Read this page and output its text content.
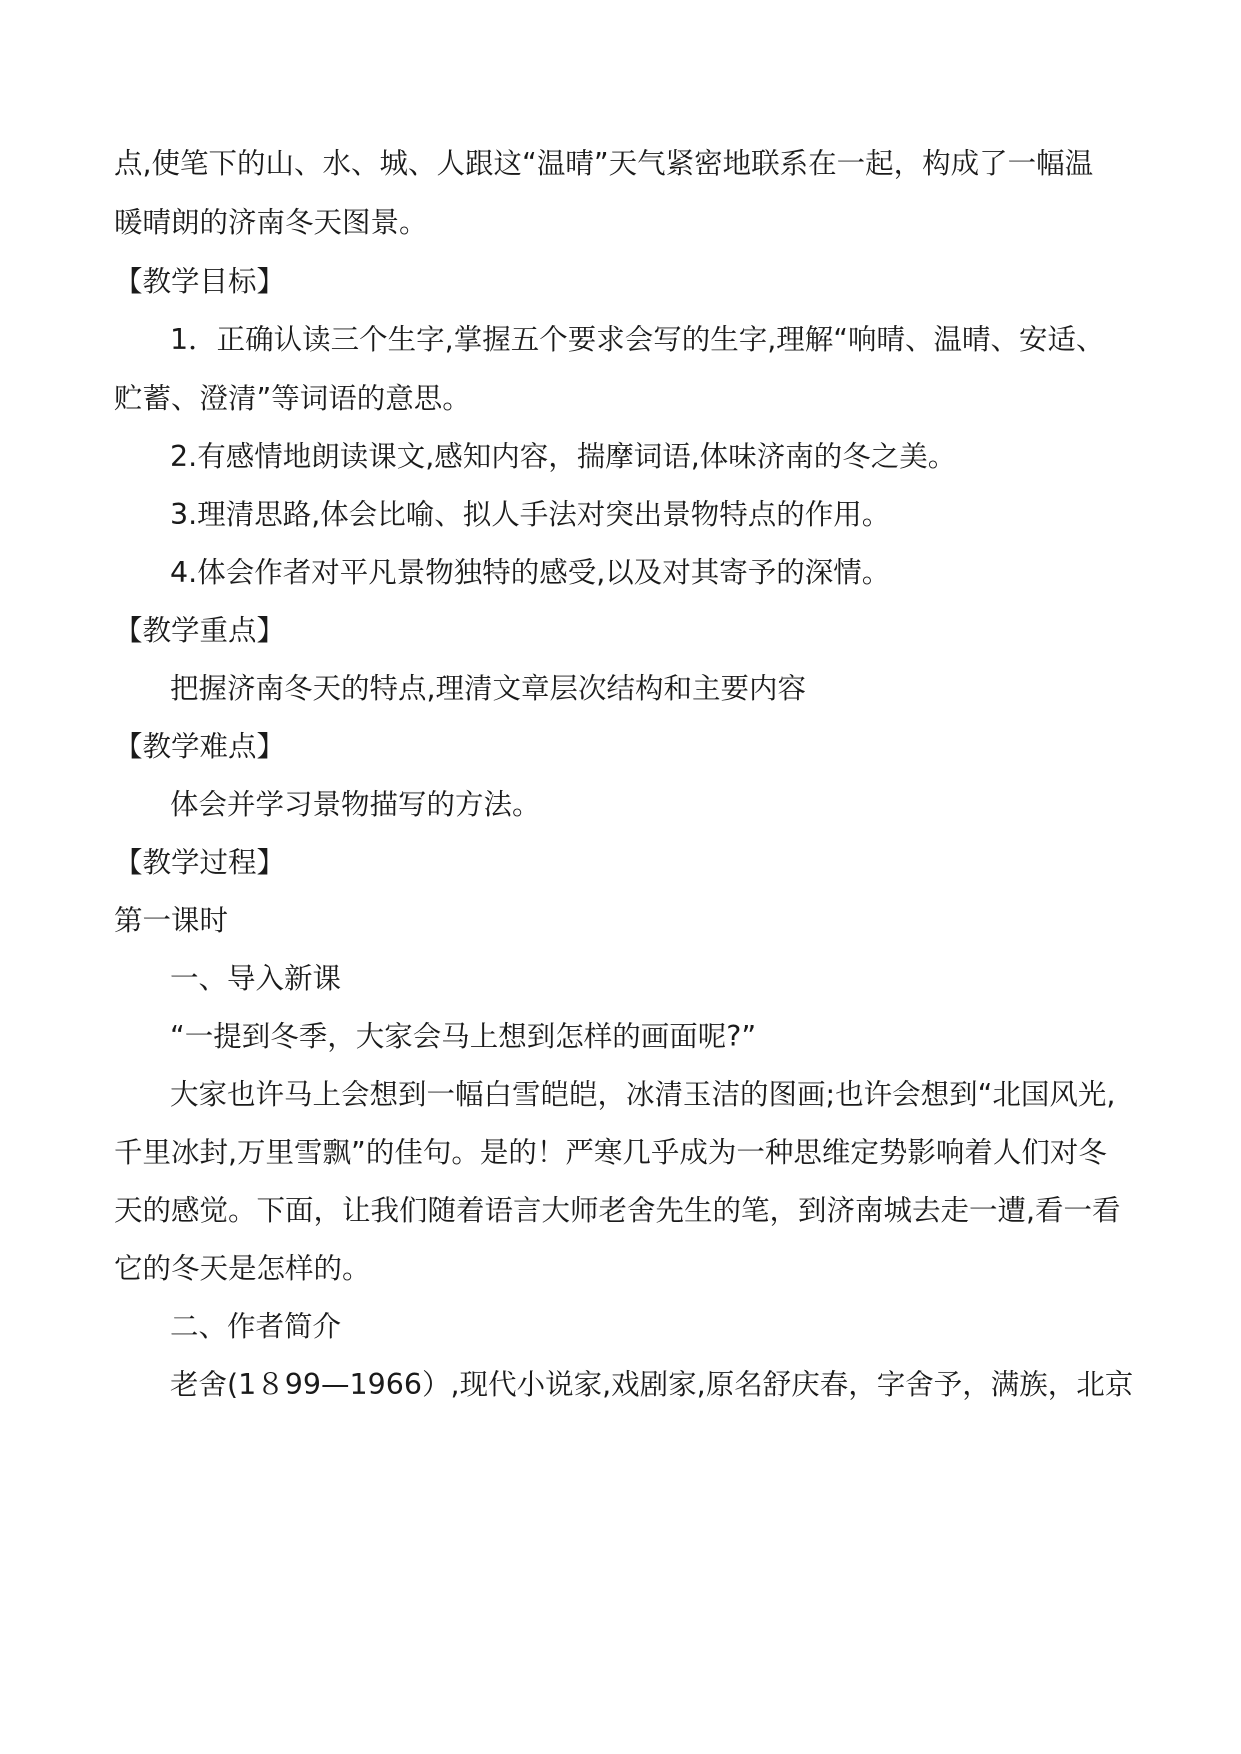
点,使笔下的山、水、城、人跟这“温晴”天气紧密地联系在一起，构成了一幅温
暖晴朗的济南冬天图景。
【教学目标】
1．正确认读三个生字,掌握五个要求会写的生字,理解“响晴、温晴、安适、
贮蓄、澄清”等词语的意思。
2.有感情地朗读课文,感知内容，揣摩词语,体味济南的冬之美。
3.理清思路,体会比喻、拟人手法对突出景物特点的作用。
4.体会作者对平凡景物独特的感受,以及对其寄予的深情。
【教学重点】
把握济南冬天的特点,理清文章层次结构和主要内容
【教学难点】
体会并学习景物描写的方法。
【教学过程】
第一课时
一、导入新课
“一提到冬季，大家会马上想到怎样的画面呢?”
大家也许马上会想到一幅白雪皑皑，冰清玉洁的图画;也许会想到“北国风光,
千里冰封,万里雪飘”的佳句。是的！严寒几乎成为一种思维定势影响着人们对冬
天的感觉。下面，让我们随着语言大师老舍先生的笔，到济南城去走一遭,看一看
它的冬天是怎样的。
二、作者简介
老舍(1８99—1966）,现代小说家,戏剧家,原名舒庆春，字舍予，满族，北京
